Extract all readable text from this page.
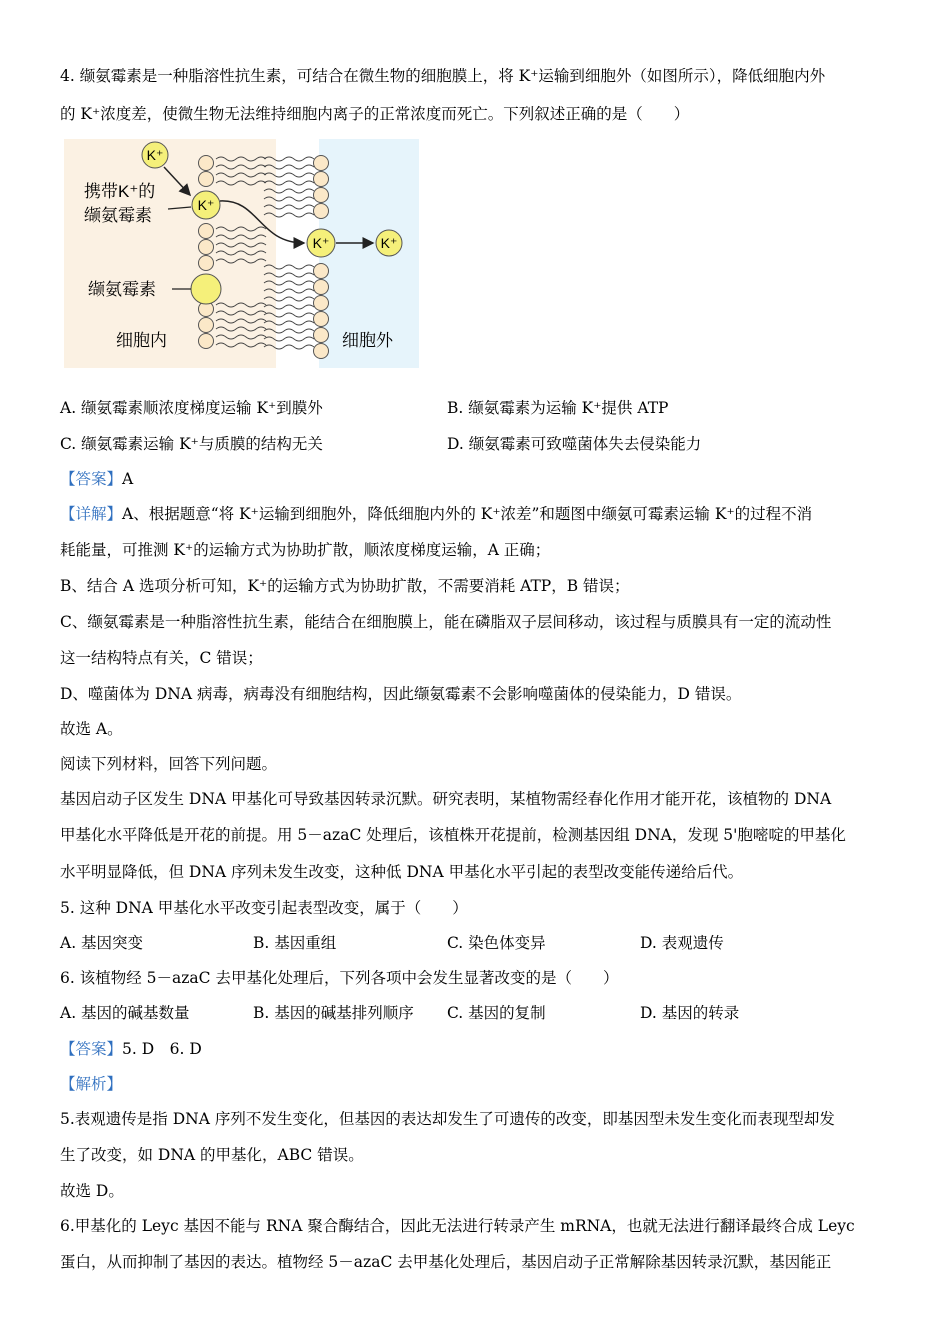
4. 缬氨霉素是一种脂溶性抗生素，可结合在微生物的细胞膜上，将 K⁺运输到细胞外（如图所示），降低细胞内外
的 K⁺浓度差，使微生物无法维持细胞内离子的正常浓度而死亡。下列叙述正确的是（　　）
K⁺
K⁺
K⁺	K⁺
携带K⁺的
缬氨霉素
缬氨霉素
细胞内	细胞外
A. 缬氨霉素顺浓度梯度运输 K⁺到膜外	B. 缬氨霉素为运输 K⁺提供 ATP
C. 缬氨霉素运输 K⁺与质膜的结构无关	D. 缬氨霉素可致噬菌体失去侵染能力
【答案】A
【详解】A、根据题意“将 K⁺运输到细胞外，降低细胞内外的 K⁺浓差”和题图中缬氨可霉素运输 K⁺的过程不消
耗能量，可推测 K⁺的运输方式为协助扩散，顺浓度梯度运输，A 正确；
B、结合 A 选项分析可知，K⁺的运输方式为协助扩散，不需要消耗 ATP，B 错误；
C、缬氨霉素是一种脂溶性抗生素，能结合在细胞膜上，能在磷脂双子层间移动，该过程与质膜具有一定的流动性
这一结构特点有关，C 错误；
D、噬菌体为 DNA 病毒，病毒没有细胞结构，因此缬氨霉素不会影响噬菌体的侵染能力，D 错误。
故选 A。
阅读下列材料，回答下列问题。
基因启动子区发生 DNA 甲基化可导致基因转录沉默。研究表明，某植物需经春化作用才能开花，该植物的 DNA
甲基化水平降低是开花的前提。用 5－azaC 处理后，该植株开花提前，检测基因组 DNA，发现 5'胞嘧啶的甲基化
水平明显降低，但 DNA 序列未发生改变，这种低 DNA 甲基化水平引起的表型改变能传递给后代。
5. 这种 DNA 甲基化水平改变引起表型改变，属于（　　）
A. 基因突变	B. 基因重组	C. 染色体变异	D. 表观遗传
6. 该植物经 5－azaC 去甲基化处理后，下列各项中会发生显著改变的是（　　）
A. 基因的碱基数量	B. 基因的碱基排列顺序 C. 基因的复制	D. 基因的转录
【答案】5. D　6. D
【解析】
5.表观遗传是指 DNA 序列不发生变化，但基因的表达却发生了可遗传的改变，即基因型未发生变化而表现型却发
生了改变，如 DNA 的甲基化，ABC 错误。
故选 D。
6.甲基化的 Leyc 基因不能与 RNA 聚合酶结合，因此无法进行转录产生 mRNA，也就无法进行翻译最终合成 Leyc
蛋白，从而抑制了基因的表达。植物经 5－azaC 去甲基化处理后，基因启动子正常解除基因转录沉默，基因能正
